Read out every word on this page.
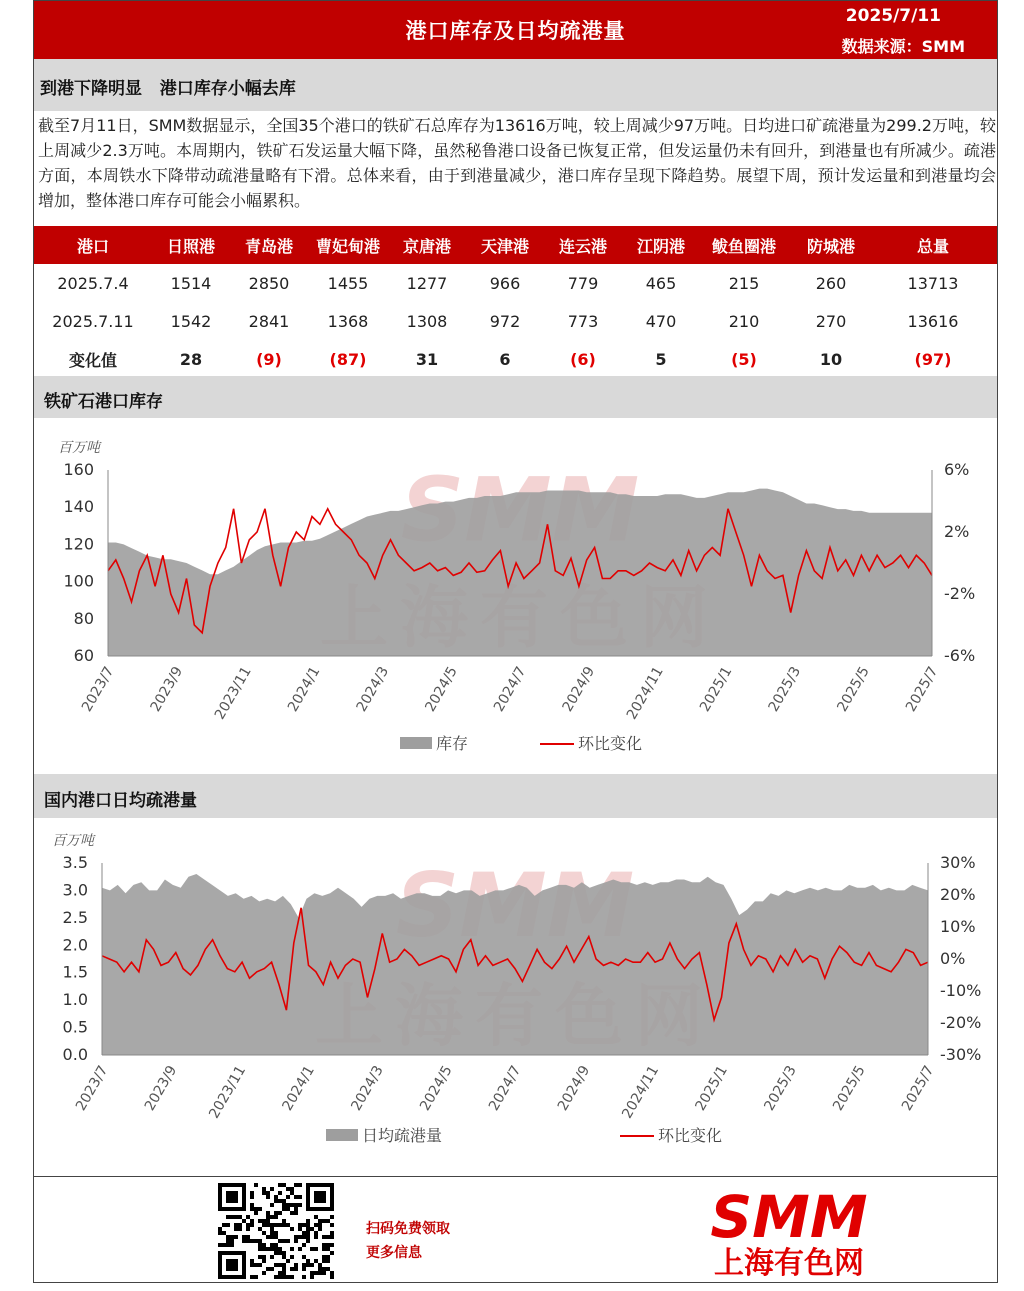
港口库存及日均疏港量
2025/7/11
数据来源：SMM
到港下降明显   港口库存小幅去库
截至7月11日，SMM数据显示，全国35个港口的铁矿石总库存为13616万吨，较上周减少97万吨。日均进口矿疏港量为299.2万吨，较上周减少2.3万吨。本周期内，铁矿石发运量大幅下降，虽然秘鲁港口设备已恢复正常，但发运量仍未有回升，到港量也有所减少。疏港方面，本周铁水下降带动疏港量略有下滑。总体来看，由于到港量减少，港口库存呈现下降趋势。展望下周，预计发运量和到港量均会增加，整体港口库存可能会小幅累积。
港口	日照港	青岛港	曹妃甸港	京唐港	天津港	连云港	江阴港	鲅鱼圈港	防城港	总量
2025.7.4	1514	2850	1455	1277	966	779	465	215	260	13713
2025.7.11	1542	2841	1368	1308	972	773	470	210	270	13616
变化值	28	(9)	(87)	31	6	(6)	5	(5)	10	(97)
铁矿石港口库存
百万吨
160
140
120
100
80
60
6%
2%
-2%
-6%
2023/7 2023/9 2023/11 2024/1 2024/3 2024/5 2024/7 2024/9 2024/11 2025/1 2025/3 2025/5 2025/7
库存	环比变化
国内港口日均疏港量
百万吨
3.5
3.0
2.5
2.0
1.5
1.0
0.5
0.0
30%
20%
10%
0%
-10%
-20%
-30%
2023/7 2023/9 2023/11 2024/1 2024/3 2024/5 2024/7 2024/9 2024/11 2025/1 2025/3 2025/5 2025/7
日均疏港量	环比变化
扫码免费领取
更多信息
SMM
上海有色网
